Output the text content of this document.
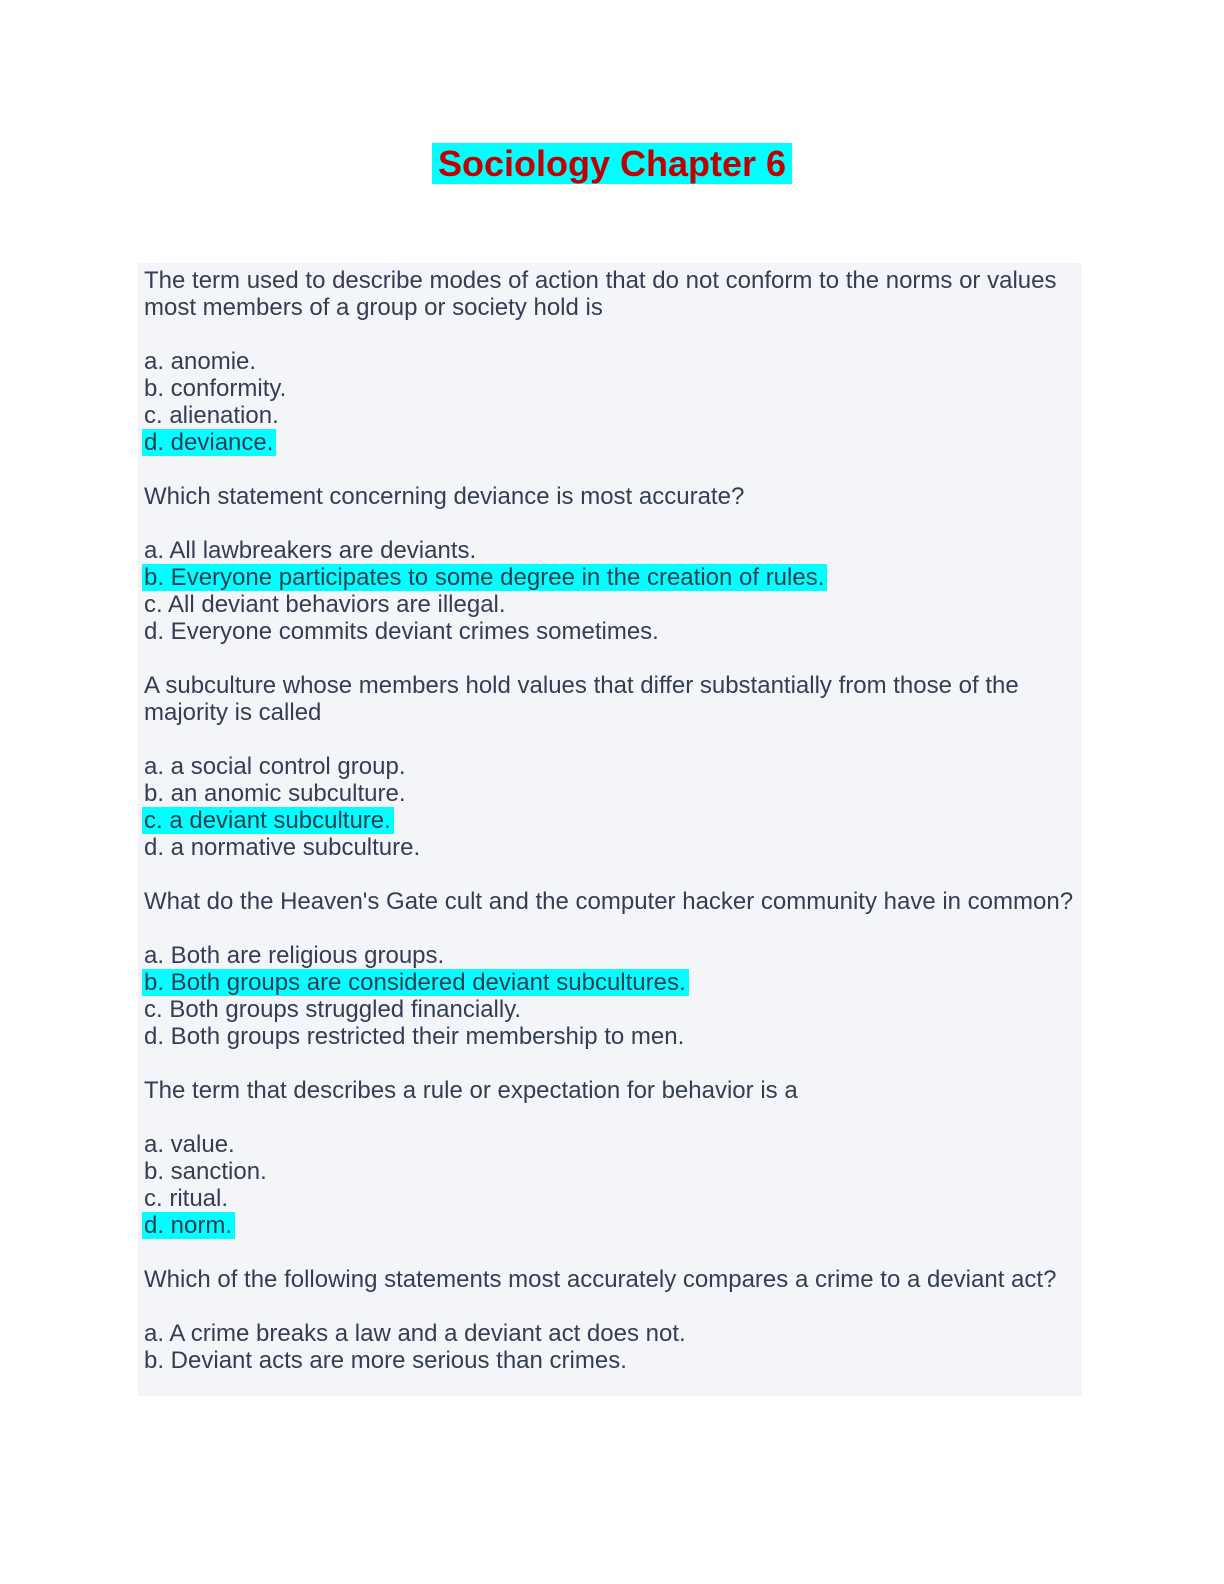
Sociology Chapter 6
The term used to describe modes of action that do not conform to the norms or values most members of a group or society hold is
a. anomie.
b. conformity.
c. alienation.
d. deviance.
Which statement concerning deviance is most accurate?
a. All lawbreakers are deviants.
b. Everyone participates to some degree in the creation of rules.
c. All deviant behaviors are illegal.
d. Everyone commits deviant crimes sometimes.
A subculture whose members hold values that differ substantially from those of the majority is called
a. a social control group.
b. an anomic subculture.
c. a deviant subculture.
d. a normative subculture.
What do the Heaven's Gate cult and the computer hacker community have in common?
a. Both are religious groups.
b. Both groups are considered deviant subcultures.
c. Both groups struggled financially.
d. Both groups restricted their membership to men.
The term that describes a rule or expectation for behavior is a
a. value.
b. sanction.
c. ritual.
d. norm.
Which of the following statements most accurately compares a crime to a deviant act?
a. A crime breaks a law and a deviant act does not.
b. Deviant acts are more serious than crimes.
